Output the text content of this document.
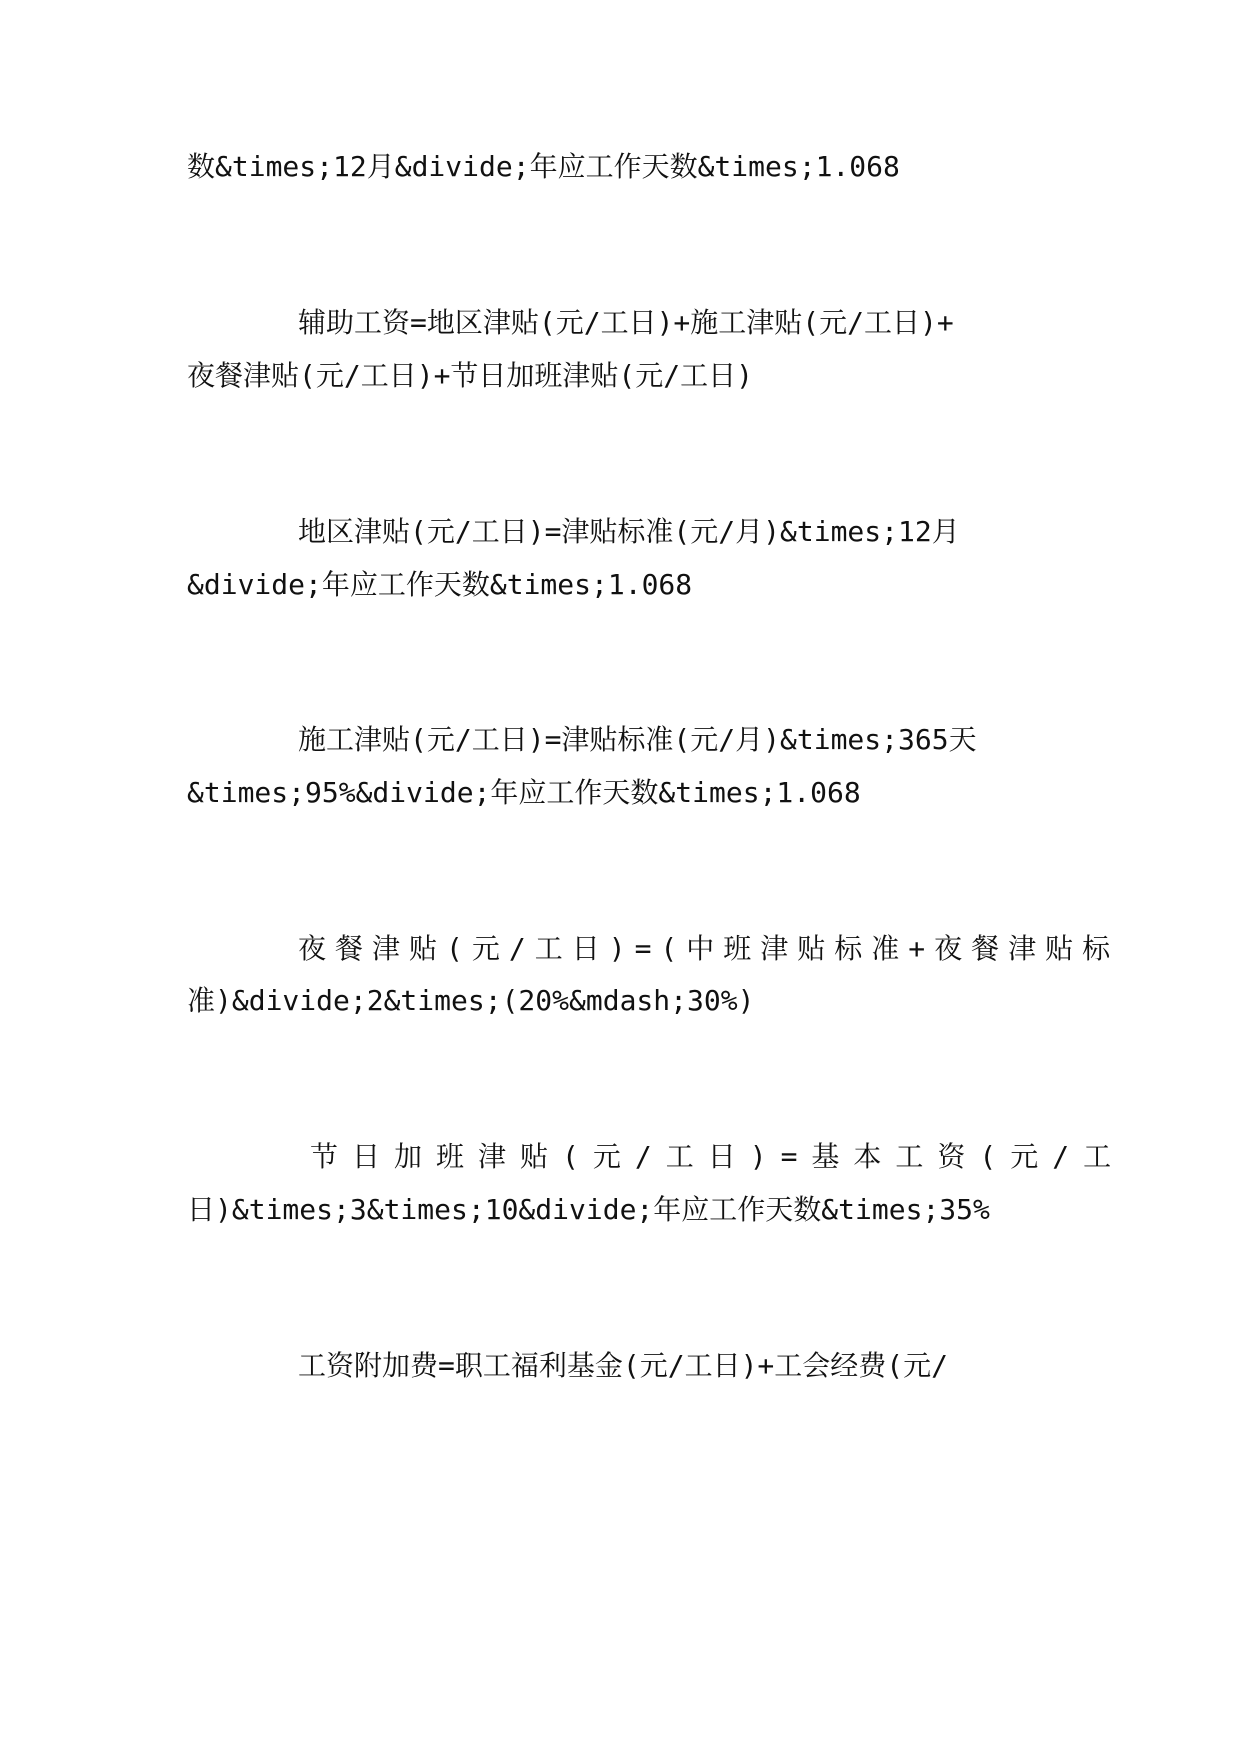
数&times;12月&divide;年应工作天数&times;1.068
辅助工资=地区津贴(元/工日)+施工津贴(元/工日)+
夜餐津贴(元/工日)+节日加班津贴(元/工日)
地区津贴(元/工日)=津贴标准(元/月)&times;12月
&divide;年应工作天数&times;1.068
施工津贴(元/工日)=津贴标准(元/月)&times;365天
&times;95%&divide;年应工作天数&times;1.068
夜餐津贴(元/工日)=(中班津贴标准+夜餐津贴标
准)&divide;2&times;(20%&mdash;30%)
节日加班津贴(元/工日)=基本工资(元/工
日)&times;3&times;10&divide;年应工作天数&times;35%
工资附加费=职工福利基金(元/工日)+工会经费(元/
